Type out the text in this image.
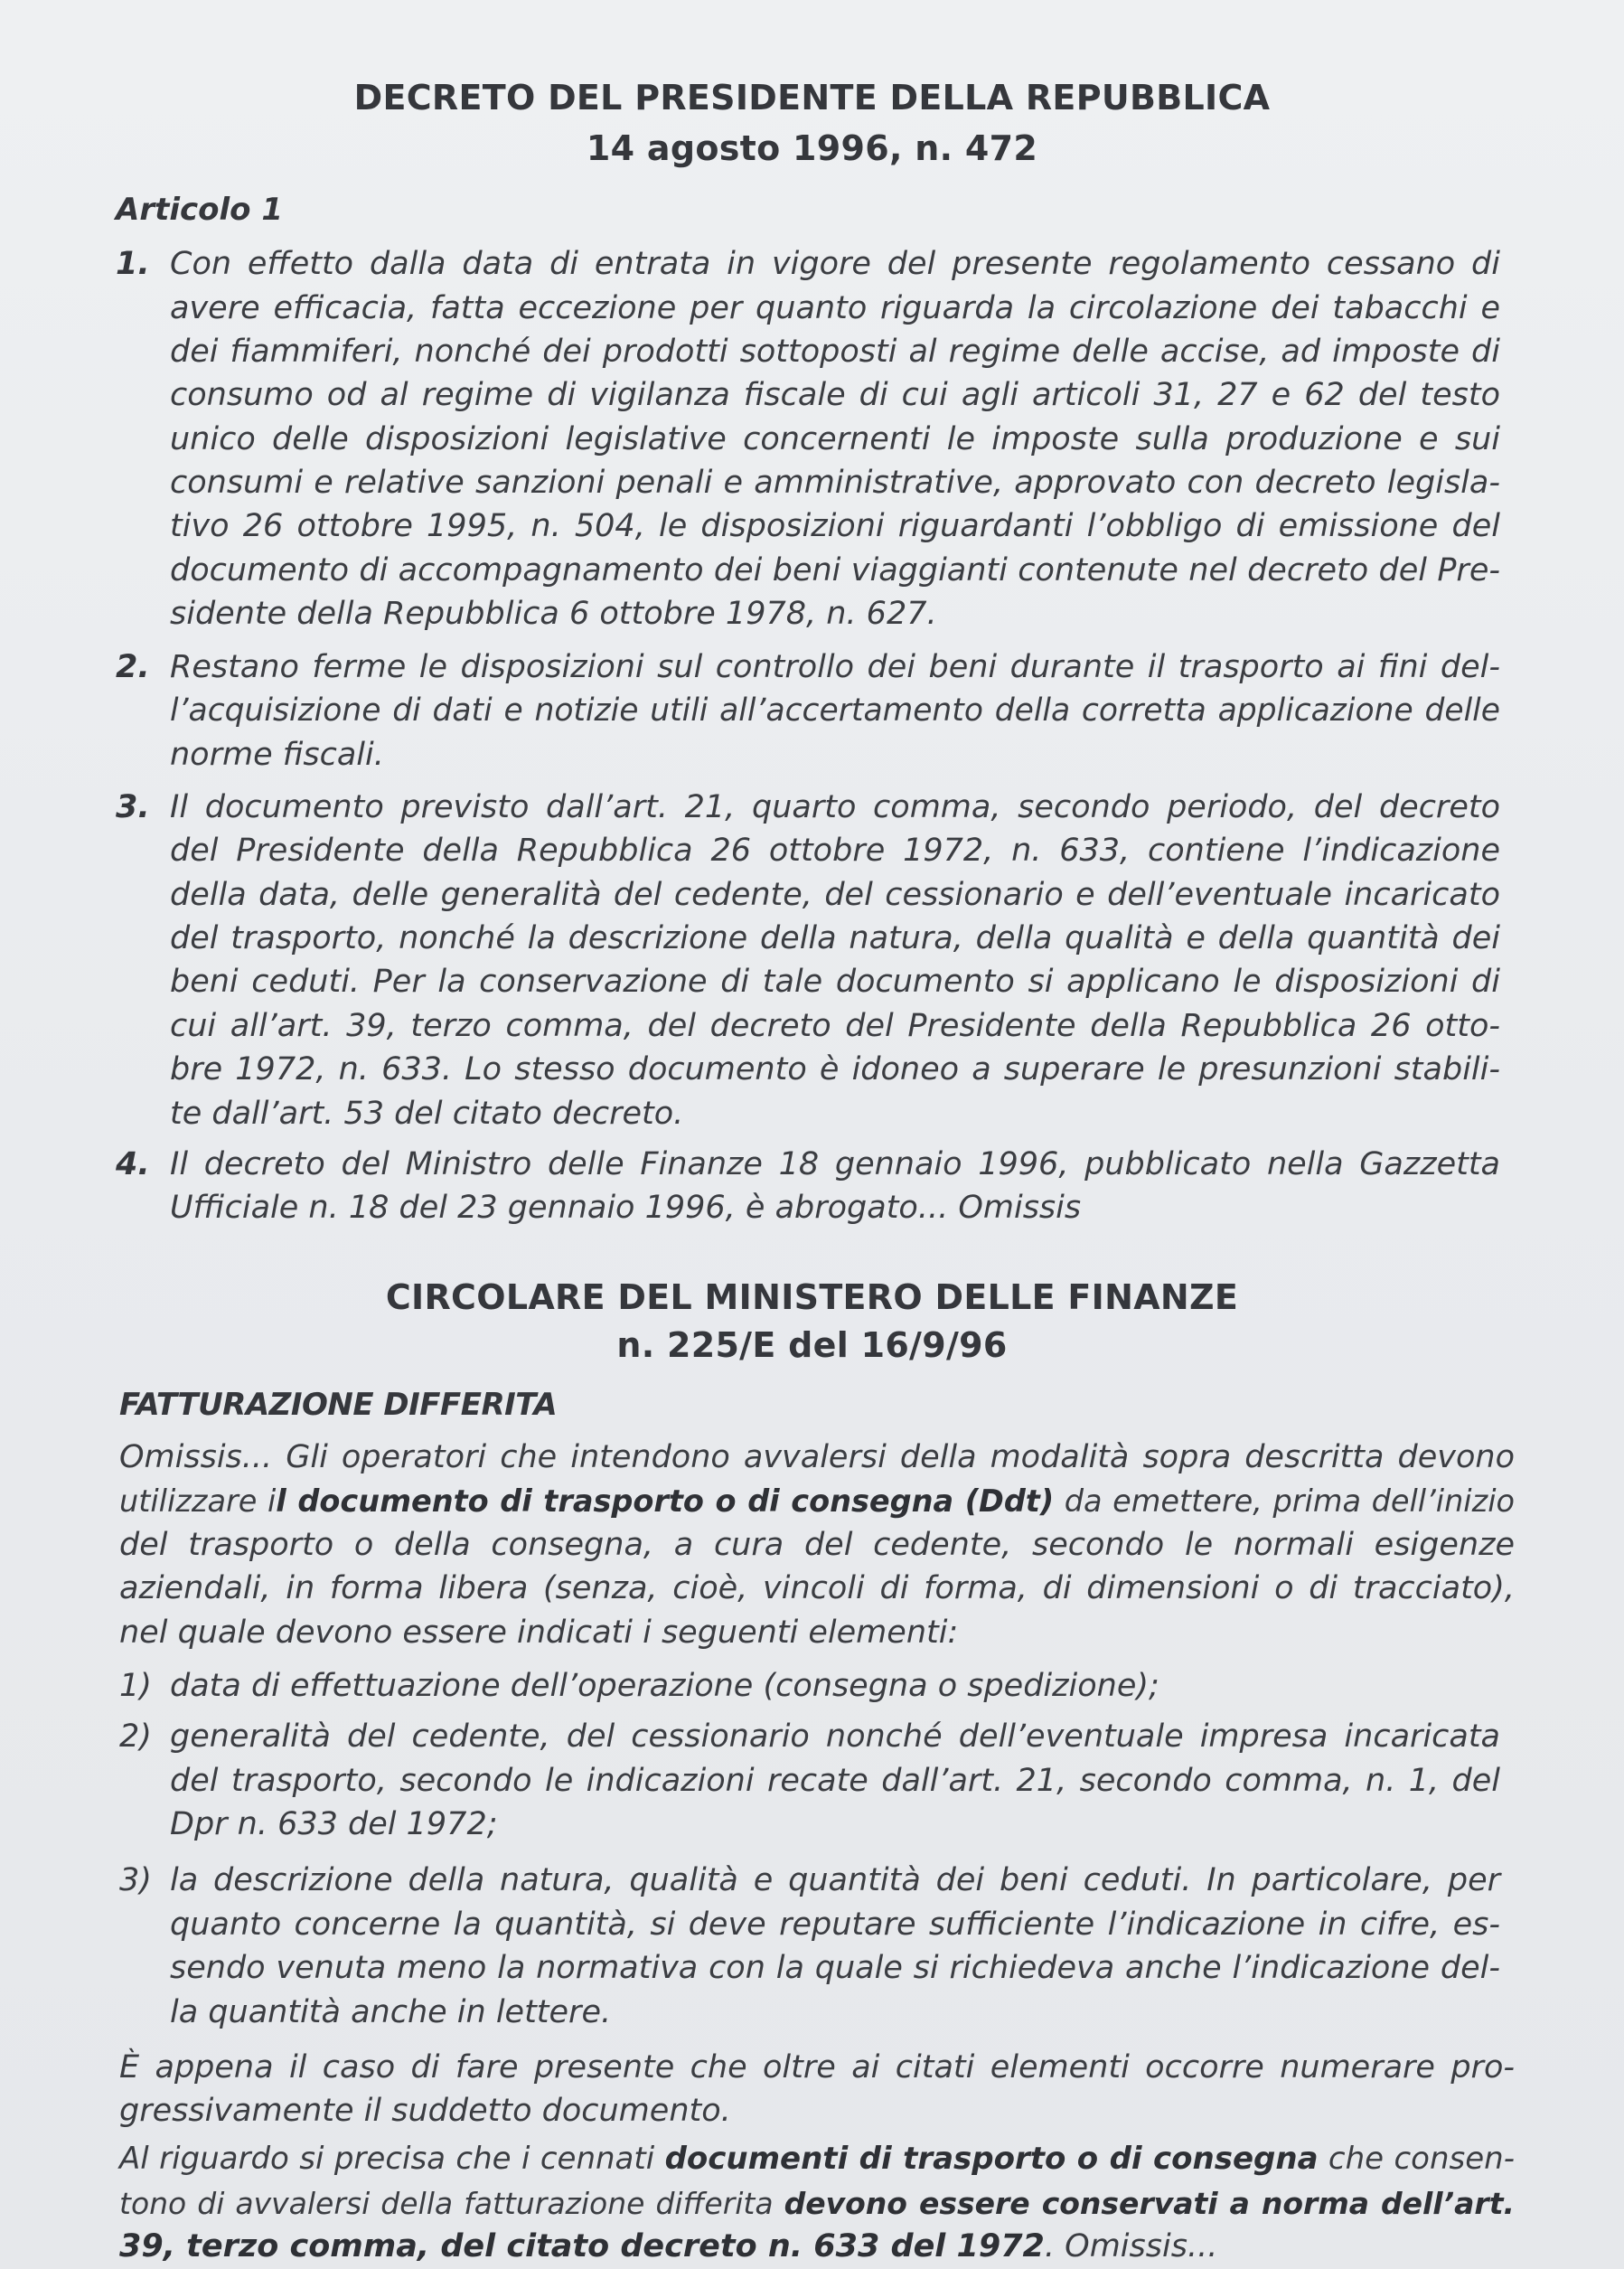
DECRETO DEL PRESIDENTE DELLA REPUBBLICA
14 agosto 1996, n. 472
Articolo 1
1. Con effetto dalla data di entrata in vigore del presente regolamento cessano di
avere efficacia, fatta eccezione per quanto riguarda la circolazione dei tabacchi e
dei fiammiferi, nonché dei prodotti sottoposti al regime delle accise, ad imposte di
consumo od al regime di vigilanza fiscale di cui agli articoli 31, 27 e 62 del testo
unico delle disposizioni legislative concernenti le imposte sulla produzione e sui
consumi e relative sanzioni penali e amministrative, approvato con decreto legisla-
tivo 26 ottobre 1995, n. 504, le disposizioni riguardanti l’obbligo di emissione del
documento di accompagnamento dei beni viaggianti contenute nel decreto del Pre-
sidente della Repubblica 6 ottobre 1978, n. 627.
2. Restano ferme le disposizioni sul controllo dei beni durante il trasporto ai fini del-
l’acquisizione di dati e notizie utili all’accertamento della corretta applicazione delle
norme fiscali.
3. Il documento previsto dall’art. 21, quarto comma, secondo periodo, del decreto
del Presidente della Repubblica 26 ottobre 1972, n. 633, contiene l’indicazione
della data, delle generalità del cedente, del cessionario e dell’eventuale incaricato
del trasporto, nonché la descrizione della natura, della qualità e della quantità dei
beni ceduti. Per la conservazione di tale documento si applicano le disposizioni di
cui all’art. 39, terzo comma, del decreto del Presidente della Repubblica 26 otto-
bre 1972, n. 633. Lo stesso documento è idoneo a superare le presunzioni stabili-
te dall’art. 53 del citato decreto.
4. Il decreto del Ministro delle Finanze 18 gennaio 1996, pubblicato nella Gazzetta
Ufficiale n. 18 del 23 gennaio 1996, è abrogato... Omissis
CIRCOLARE DEL MINISTERO DELLE FINANZE
n. 225/E del 16/9/96
FATTURAZIONE DIFFERITA
Omissis... Gli operatori che intendono avvalersi della modalità sopra descritta devono
utilizzare il documento di trasporto o di consegna (Ddt) da emettere, prima dell’inizio
del trasporto o della consegna, a cura del cedente, secondo le normali esigenze
aziendali, in forma libera (senza, cioè, vincoli di forma, di dimensioni o di tracciato),
nel quale devono essere indicati i seguenti elementi:
1) data di effettuazione dell’operazione (consegna o spedizione);
2) generalità del cedente, del cessionario nonché dell’eventuale impresa incaricata
del trasporto, secondo le indicazioni recate dall’art. 21, secondo comma, n. 1, del
Dpr n. 633 del 1972;
3) la descrizione della natura, qualità e quantità dei beni ceduti. In particolare, per
quanto concerne la quantità, si deve reputare sufficiente l’indicazione in cifre, es-
sendo venuta meno la normativa con la quale si richiedeva anche l’indicazione del-
la quantità anche in lettere.
È appena il caso di fare presente che oltre ai citati elementi occorre numerare pro-
gressivamente il suddetto documento.
Al riguardo si precisa che i cennati documenti di trasporto o di consegna che consen-
tono di avvalersi della fatturazione differita devono essere conservati a norma dell’art.
39, terzo comma, del citato decreto n. 633 del 1972. Omissis...
